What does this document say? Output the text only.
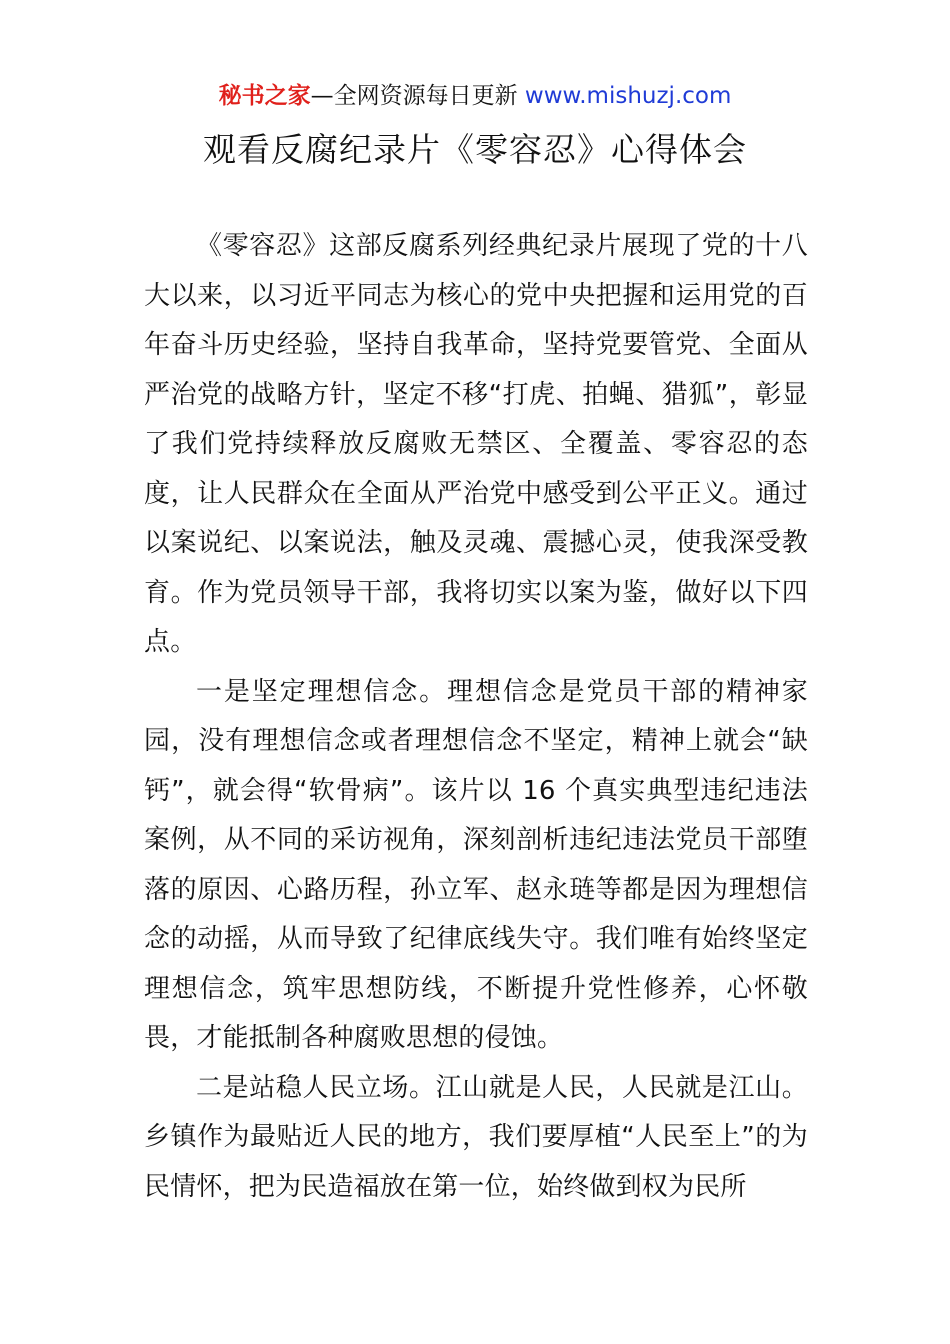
秘书之家—全网资源每日更新 www.mishuzj.com
观看反腐纪录片《零容忍》心得体会

《零容忍》这部反腐系列经典纪录片展现了党的十八大以来，以习近平同志为核心的党中央把握和运用党的百年奋斗历史经验，坚持自我革命，坚持党要管党、全面从严治党的战略方针，坚定不移“打虎、拍蝇、猎狐”，彰显了我们党持续释放反腐败无禁区、全覆盖、零容忍的态度，让人民群众在全面从严治党中感受到公平正义。通过以案说纪、以案说法，触及灵魂、震撼心灵，使我深受教育。作为党员领导干部，我将切实以案为鉴，做好以下四点。

一是坚定理想信念。理想信念是党员干部的精神家园，没有理想信念或者理想信念不坚定，精神上就会“缺钙”，就会得“软骨病”。该片以 16 个真实典型违纪违法案例，从不同的采访视角，深刻剖析违纪违法党员干部堕落的原因、心路历程，孙立军、赵永琏等都是因为理想信念的动摇，从而导致了纪律底线失守。我们唯有始终坚定理想信念，筑牢思想防线，不断提升党性修养，心怀敬畏，才能抵制各种腐败思想的侵蚀。

二是站稳人民立场。江山就是人民，人民就是江山。乡镇作为最贴近人民的地方，我们要厚植“人民至上”的为民情怀，把为民造福放在第一位，始终做到权为民所
